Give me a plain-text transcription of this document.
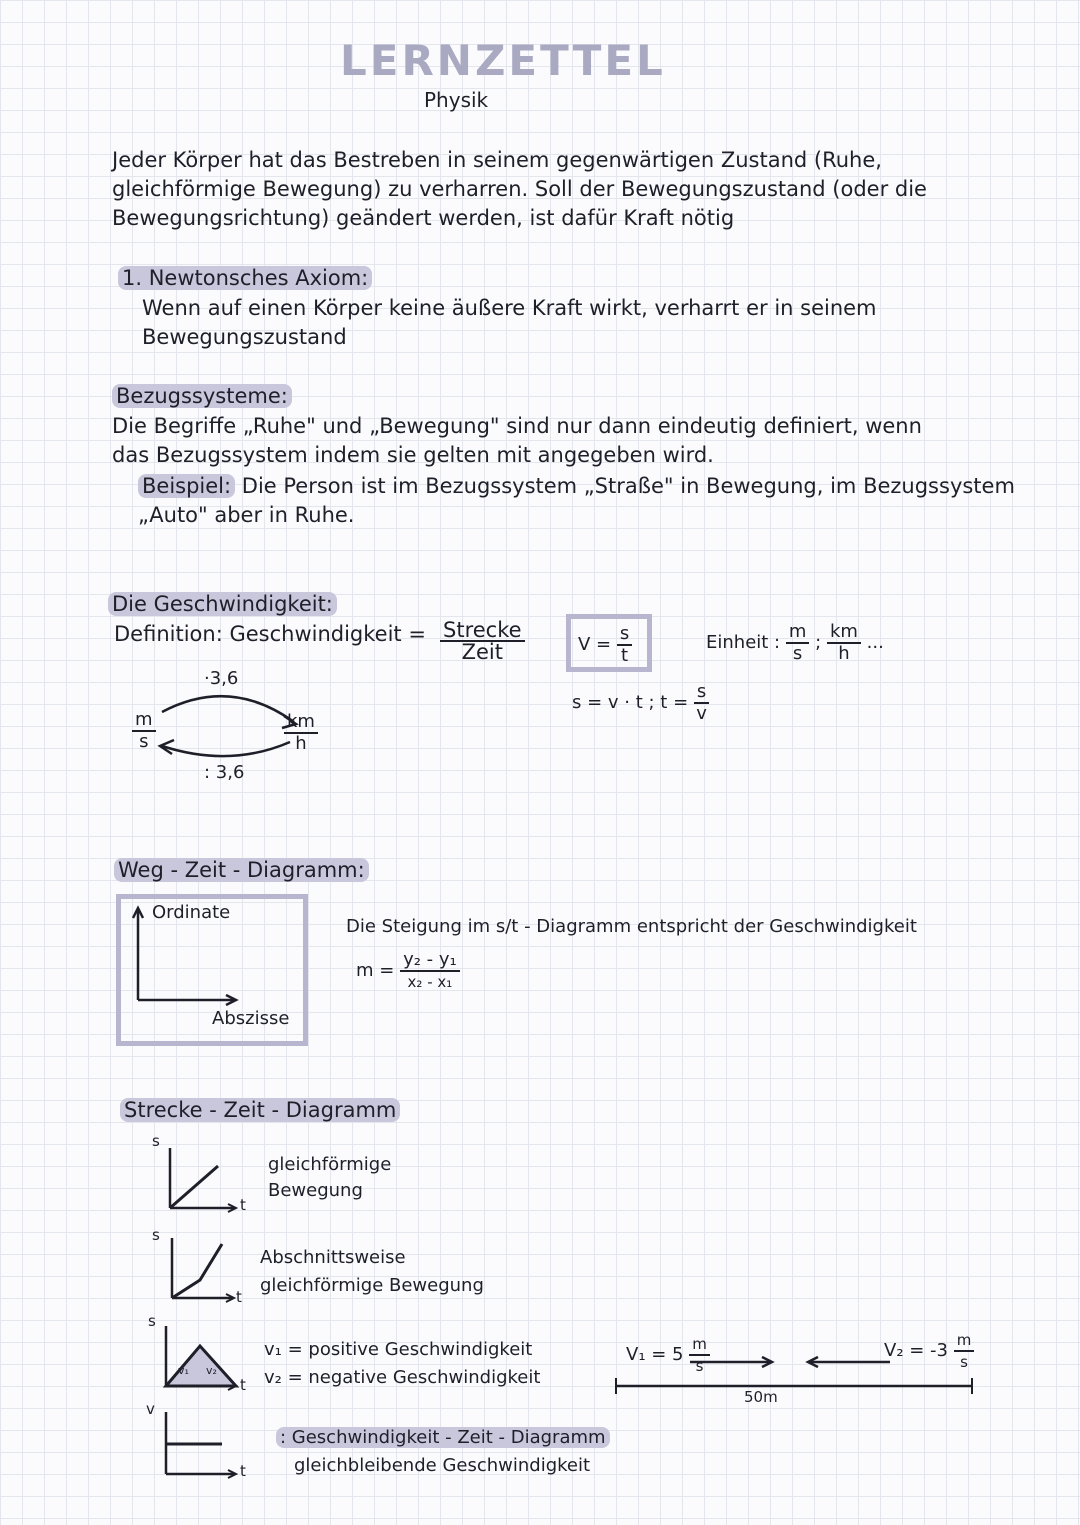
LERNZETTEL
Physik
Jeder Körper hat das Bestreben in seinem gegenwärtigen Zustand (Ruhe,
gleichförmige Bewegung) zu verharren. Soll der Bewegungszustand (oder die
Bewegungsrichtung) geändert werden, ist dafür Kraft nötig
1. Newtonsches Axiom:
Wenn auf einen Körper keine äußere Kraft wirkt, verharrt er in seinem
Bewegungszustand
Bezugssysteme:
Die Begriffe „Ruhe" und „Bewegung" sind nur dann eindeutig definiert, wenn
das Bezugssystem indem sie gelten mit angegeben wird.
Beispiel: Die Person ist im Bezugssystem „Straße" in Bewegung, im Bezugssystem
„Auto" aber in Ruhe.
Die Geschwindigkeit:
Definition: Geschwindigkeit = $\frac{\text{Strecke}}{\text{Zeit}}$	$V = \frac{s}{t}$	Einheit : $\frac{m}{s}$ ; $\frac{km}{h}$ ...
s = v · t ; $t = \frac{s}{v}$
·3,6
: 3,6
$\frac{m}{s}$	$\frac{km}{h}$
Weg - Zeit - Diagramm:
Ordinate
Abszisse
Die Steigung im s/t - Diagramm entspricht der Geschwindigkeit
$m = \frac{\text{y₂ - y₁}}{\text{x₂ - x₁}}$
Strecke - Zeit - Diagramm
s
t
gleichförmige
Bewegung
s
t
Abschnittsweise
gleichförmige Bewegung
s
t
v₁ v₂
v₁ = positive Geschwindigkeit
v₂ = negative Geschwindigkeit
v
t
: Geschwindigkeit - Zeit - Diagramm
gleichbleibende Geschwindigkeit
$V_1 = 5 \frac{m}{s}$	$V_2 = -3 \frac{m}{s}$
50m
